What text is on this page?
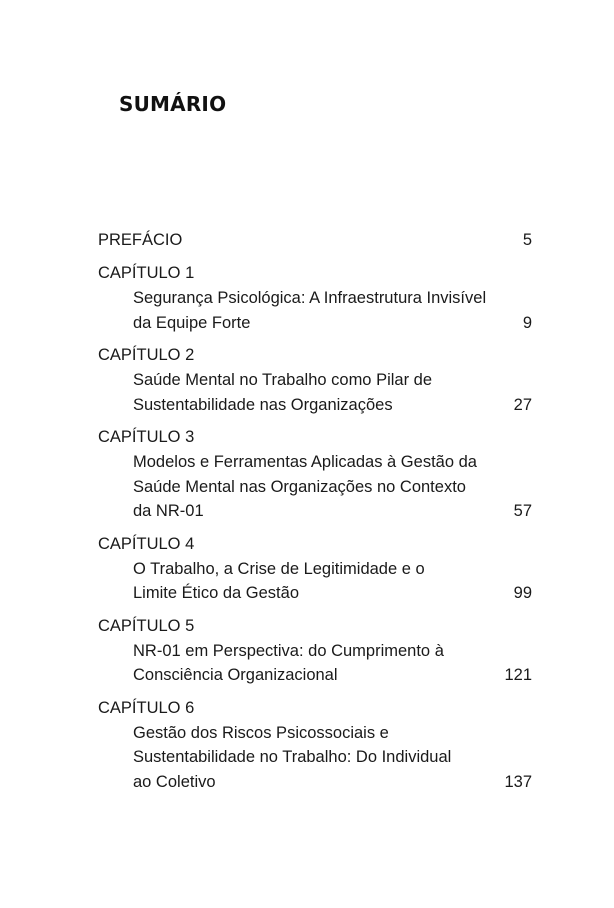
SUMÁRIO
PREFÁCIO	5
CAPÍTULO 1
Segurança Psicológica: A Infraestrutura Invisível
da Equipe Forte	9
CAPÍTULO 2
Saúde Mental no Trabalho como Pilar de
Sustentabilidade nas Organizações	27
CAPÍTULO 3
Modelos e Ferramentas Aplicadas à Gestão da
Saúde Mental nas Organizações no Contexto
da NR-01	57
CAPÍTULO 4
O Trabalho, a Crise de Legitimidade e o
Limite Ético da Gestão	99
CAPÍTULO 5
NR-01 em Perspectiva: do Cumprimento à
Consciência Organizacional	121
CAPÍTULO 6
Gestão dos Riscos Psicossociais e
Sustentabilidade no Trabalho: Do Individual
ao Coletivo	137
